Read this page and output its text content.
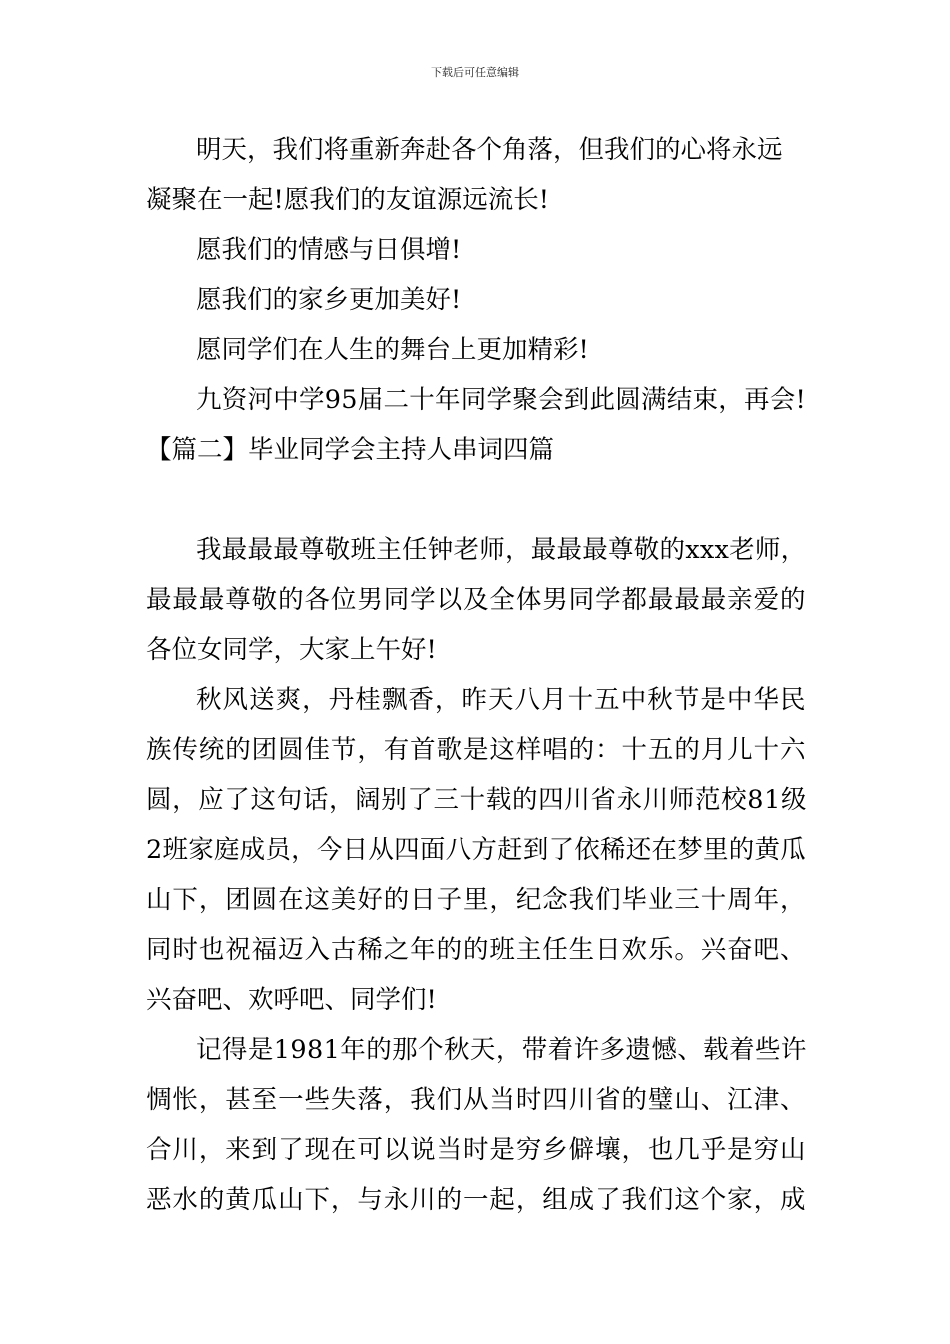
下载后可任意编辑
明天，我们将重新奔赴各个角落，但我们的心将永远
凝聚在一起!愿我们的友谊源远流长!
愿我们的情感与日俱增!
愿我们的家乡更加美好!
愿同学们在人生的舞台上更加精彩!
九资河中学95届二十年同学聚会到此圆满结束，再会!
【篇二】毕业同学会主持人串词四篇
我最最最尊敬班主任钟老师，最最最尊敬的xxx老师，
最最最尊敬的各位男同学以及全体男同学都最最最亲爱的
各位女同学，大家上午好!
秋风送爽，丹桂飘香，昨天八月十五中秋节是中华民
族传统的团圆佳节，有首歌是这样唱的：十五的月儿十六
圆，应了这句话，阔别了三十载的四川省永川师范校81级
2班家庭成员，今日从四面八方赶到了依稀还在梦里的黄瓜
山下，团圆在这美好的日子里，纪念我们毕业三十周年，
同时也祝福迈入古稀之年的的班主任生日欢乐。兴奋吧、
兴奋吧、欢呼吧、同学们!
记得是1981年的那个秋天，带着许多遗憾、载着些许
惆怅，甚至一些失落，我们从当时四川省的璧山、江津、
合川，来到了现在可以说当时是穷乡僻壤，也几乎是穷山
恶水的黄瓜山下，与永川的一起，组成了我们这个家，成
